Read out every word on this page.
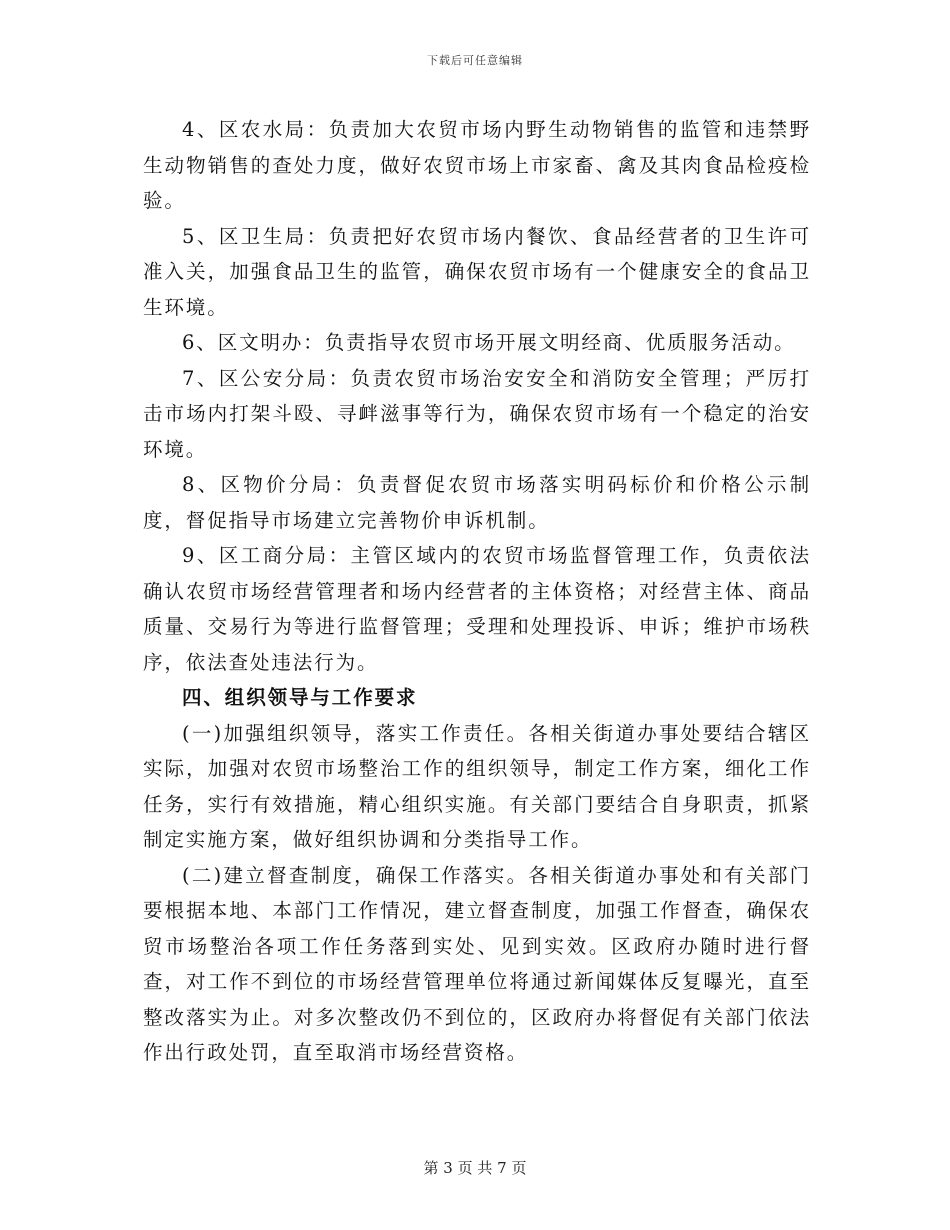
下载后可任意编辑

4、区农水局：负责加大农贸市场内野生动物销售的监管和违禁野生动物销售的查处力度，做好农贸市场上市家畜、禽及其肉食品检疫检验。

5、区卫生局：负责把好农贸市场内餐饮、食品经营者的卫生许可准入关，加强食品卫生的监管，确保农贸市场有一个健康安全的食品卫生环境。

6、区文明办：负责指导农贸市场开展文明经商、优质服务活动。

7、区公安分局：负责农贸市场治安安全和消防安全管理；严厉打击市场内打架斗殴、寻衅滋事等行为，确保农贸市场有一个稳定的治安环境。

8、区物价分局：负责督促农贸市场落实明码标价和价格公示制度，督促指导市场建立完善物价申诉机制。

9、区工商分局：主管区域内的农贸市场监督管理工作，负责依法确认农贸市场经营管理者和场内经营者的主体资格；对经营主体、商品质量、交易行为等进行监督管理；受理和处理投诉、申诉；维护市场秩序，依法查处违法行为。

四、组织领导与工作要求

(一)加强组织领导，落实工作责任。各相关街道办事处要结合辖区实际，加强对农贸市场整治工作的组织领导，制定工作方案，细化工作任务，实行有效措施，精心组织实施。有关部门要结合自身职责，抓紧制定实施方案，做好组织协调和分类指导工作。

(二)建立督查制度，确保工作落实。各相关街道办事处和有关部门要根据本地、本部门工作情况，建立督查制度，加强工作督查，确保农贸市场整治各项工作任务落到实处、见到实效。区政府办随时进行督查，对工作不到位的市场经营管理单位将通过新闻媒体反复曝光，直至整改落实为止。对多次整改仍不到位的，区政府办将督促有关部门依法作出行政处罚，直至取消市场经营资格。

第 3 页 共 7 页
